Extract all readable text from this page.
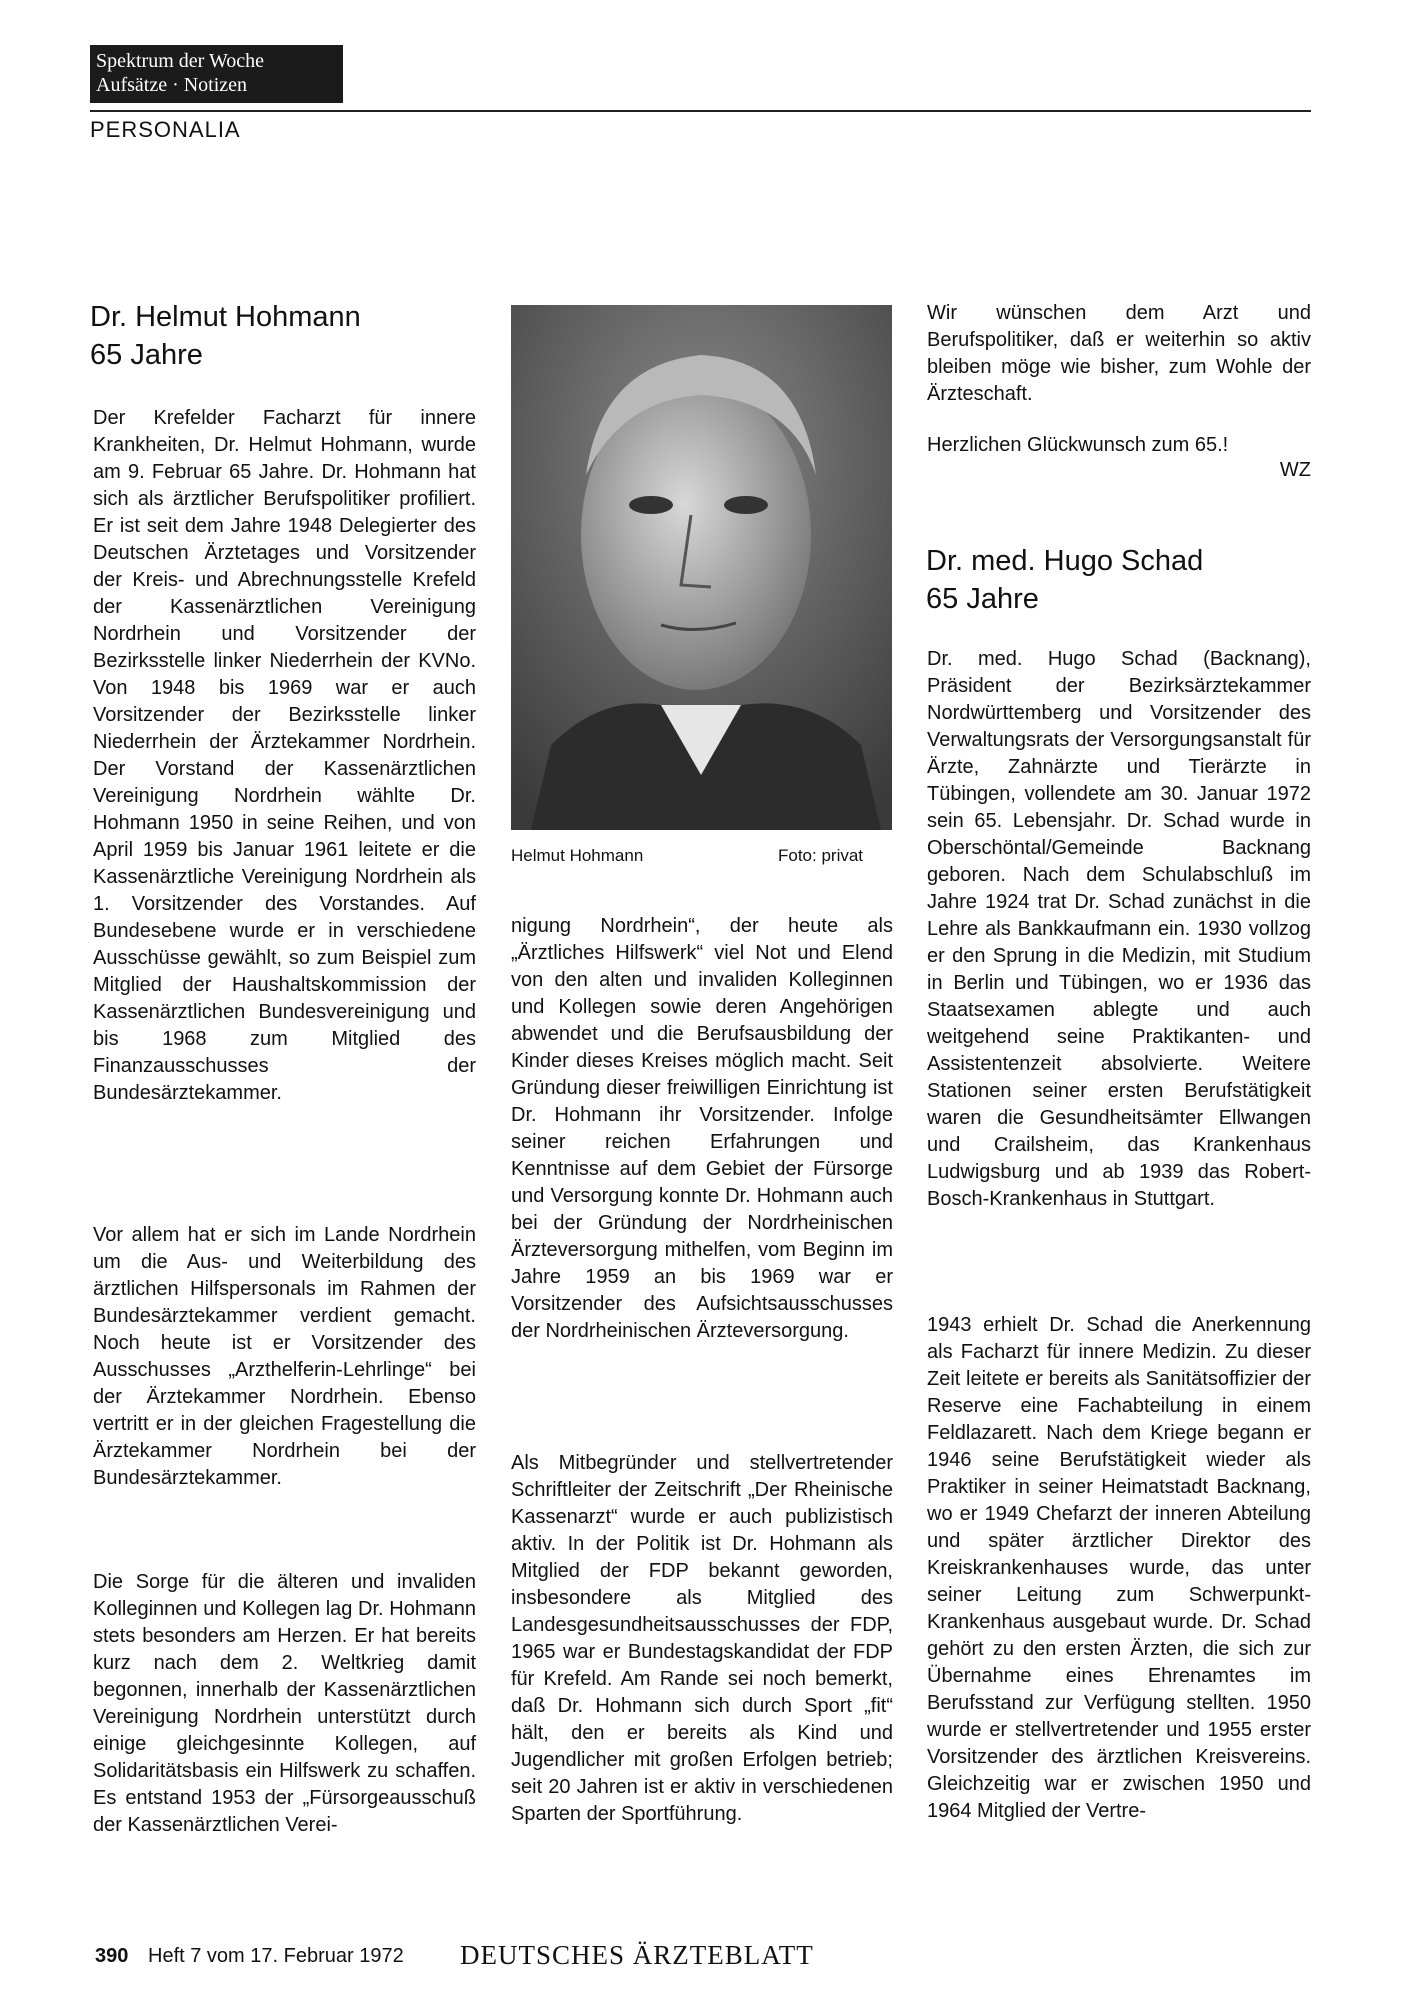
Spektrum der Woche
Aufsätze · Notizen
PERSONALIA
Dr. Helmut Hohmann
65 Jahre
Der Krefelder Facharzt für innere Krankheiten, Dr. Helmut Hohmann, wurde am 9. Februar 65 Jahre. Dr. Hohmann hat sich als ärztlicher Berufspolitiker profiliert. Er ist seit dem Jahre 1948 Delegierter des Deutschen Ärztetages und Vorsitzender der Kreis- und Abrechnungsstelle Krefeld der Kassenärztlichen Vereinigung Nordrhein und Vorsitzender der Bezirksstelle linker Niederrhein der KVNo. Von 1948 bis 1969 war er auch Vorsitzender der Bezirksstelle linker Niederrhein der Ärztekammer Nordrhein. Der Vorstand der Kassenärztlichen Vereinigung Nordrhein wählte Dr. Hohmann 1950 in seine Reihen, und von April 1959 bis Januar 1961 leitete er die Kassenärztliche Vereinigung Nordrhein als 1. Vorsitzender des Vorstandes. Auf Bundesebene wurde er in verschiedene Ausschüsse gewählt, so zum Beispiel zum Mitglied der Haushaltskommission der Kassenärztlichen Bundesvereinigung und bis 1968 zum Mitglied des Finanzausschusses der Bundesärztekammer.
Vor allem hat er sich im Lande Nordrhein um die Aus- und Weiterbildung des ärztlichen Hilfspersonals im Rahmen der Bundesärztekammer verdient gemacht. Noch heute ist er Vorsitzender des Ausschusses „Arzthelferin-Lehrlinge“ bei der Ärztekammer Nordrhein. Ebenso vertritt er in der gleichen Fragestellung die Ärztekammer Nordrhein bei der Bundesärztekammer.
Die Sorge für die älteren und invaliden Kolleginnen und Kollegen lag Dr. Hohmann stets besonders am Herzen. Er hat bereits kurz nach dem 2. Weltkrieg damit begonnen, innerhalb der Kassenärztlichen Vereinigung Nordrhein unterstützt durch einige gleichgesinnte Kollegen, auf Solidaritätsbasis ein Hilfswerk zu schaffen. Es entstand 1953 der „Fürsorgeausschuß der Kassenärztlichen Verei-
Helmut Hohmann	Foto: privat
nigung Nordrhein“, der heute als „Ärztliches Hilfswerk“ viel Not und Elend von den alten und invaliden Kolleginnen und Kollegen sowie deren Angehörigen abwendet und die Berufsausbildung der Kinder dieses Kreises möglich macht. Seit Gründung dieser freiwilligen Einrichtung ist Dr. Hohmann ihr Vorsitzender. Infolge seiner reichen Erfahrungen und Kenntnisse auf dem Gebiet der Fürsorge und Versorgung konnte Dr. Hohmann auch bei der Gründung der Nordrheinischen Ärzteversorgung mithelfen, vom Beginn im Jahre 1959 an bis 1969 war er Vorsitzender des Aufsichtsausschusses der Nordrheinischen Ärzteversorgung.
Als Mitbegründer und stellvertretender Schriftleiter der Zeitschrift „Der Rheinische Kassenarzt“ wurde er auch publizistisch aktiv. In der Politik ist Dr. Hohmann als Mitglied der FDP bekannt geworden, insbesondere als Mitglied des Landesgesundheitsausschusses der FDP, 1965 war er Bundestagskandidat der FDP für Krefeld. Am Rande sei noch bemerkt, daß Dr. Hohmann sich durch Sport „fit“ hält, den er bereits als Kind und Jugendlicher mit großen Erfolgen betrieb; seit 20 Jahren ist er aktiv in verschiedenen Sparten der Sportführung.
Wir wünschen dem Arzt und Berufspolitiker, daß er weiterhin so aktiv bleiben möge wie bisher, zum Wohle der Ärzteschaft.
Herzlichen Glückwunsch zum 65.!
WZ
Dr. med. Hugo Schad
65 Jahre
Dr. med. Hugo Schad (Backnang), Präsident der Bezirksärztekammer Nordwürttemberg und Vorsitzender des Verwaltungsrats der Versorgungsanstalt für Ärzte, Zahnärzte und Tierärzte in Tübingen, vollendete am 30. Januar 1972 sein 65. Lebensjahr. Dr. Schad wurde in Oberschöntal/Gemeinde Backnang geboren. Nach dem Schulabschluß im Jahre 1924 trat Dr. Schad zunächst in die Lehre als Bankkaufmann ein. 1930 vollzog er den Sprung in die Medizin, mit Studium in Berlin und Tübingen, wo er 1936 das Staatsexamen ablegte und auch weitgehend seine Praktikanten- und Assistentenzeit absolvierte. Weitere Stationen seiner ersten Berufstätigkeit waren die Gesundheitsämter Ellwangen und Crailsheim, das Krankenhaus Ludwigsburg und ab 1939 das Robert-Bosch-Krankenhaus in Stuttgart.
1943 erhielt Dr. Schad die Anerkennung als Facharzt für innere Medizin. Zu dieser Zeit leitete er bereits als Sanitätsoffizier der Reserve eine Fachabteilung in einem Feldlazarett. Nach dem Kriege begann er 1946 seine Berufstätigkeit wieder als Praktiker in seiner Heimatstadt Backnang, wo er 1949 Chefarzt der inneren Abteilung und später ärztlicher Direktor des Kreiskrankenhauses wurde, das unter seiner Leitung zum Schwerpunkt-Krankenhaus ausgebaut wurde. Dr. Schad gehört zu den ersten Ärzten, die sich zur Übernahme eines Ehrenamtes im Berufsstand zur Verfügung stellten. 1950 wurde er stellvertretender und 1955 erster Vorsitzender des ärztlichen Kreisvereins. Gleichzeitig war er zwischen 1950 und 1964 Mitglied der Vertre-
390 Heft 7 vom 17. Februar 1972 DEUTSCHES ÄRZTEBLATT
